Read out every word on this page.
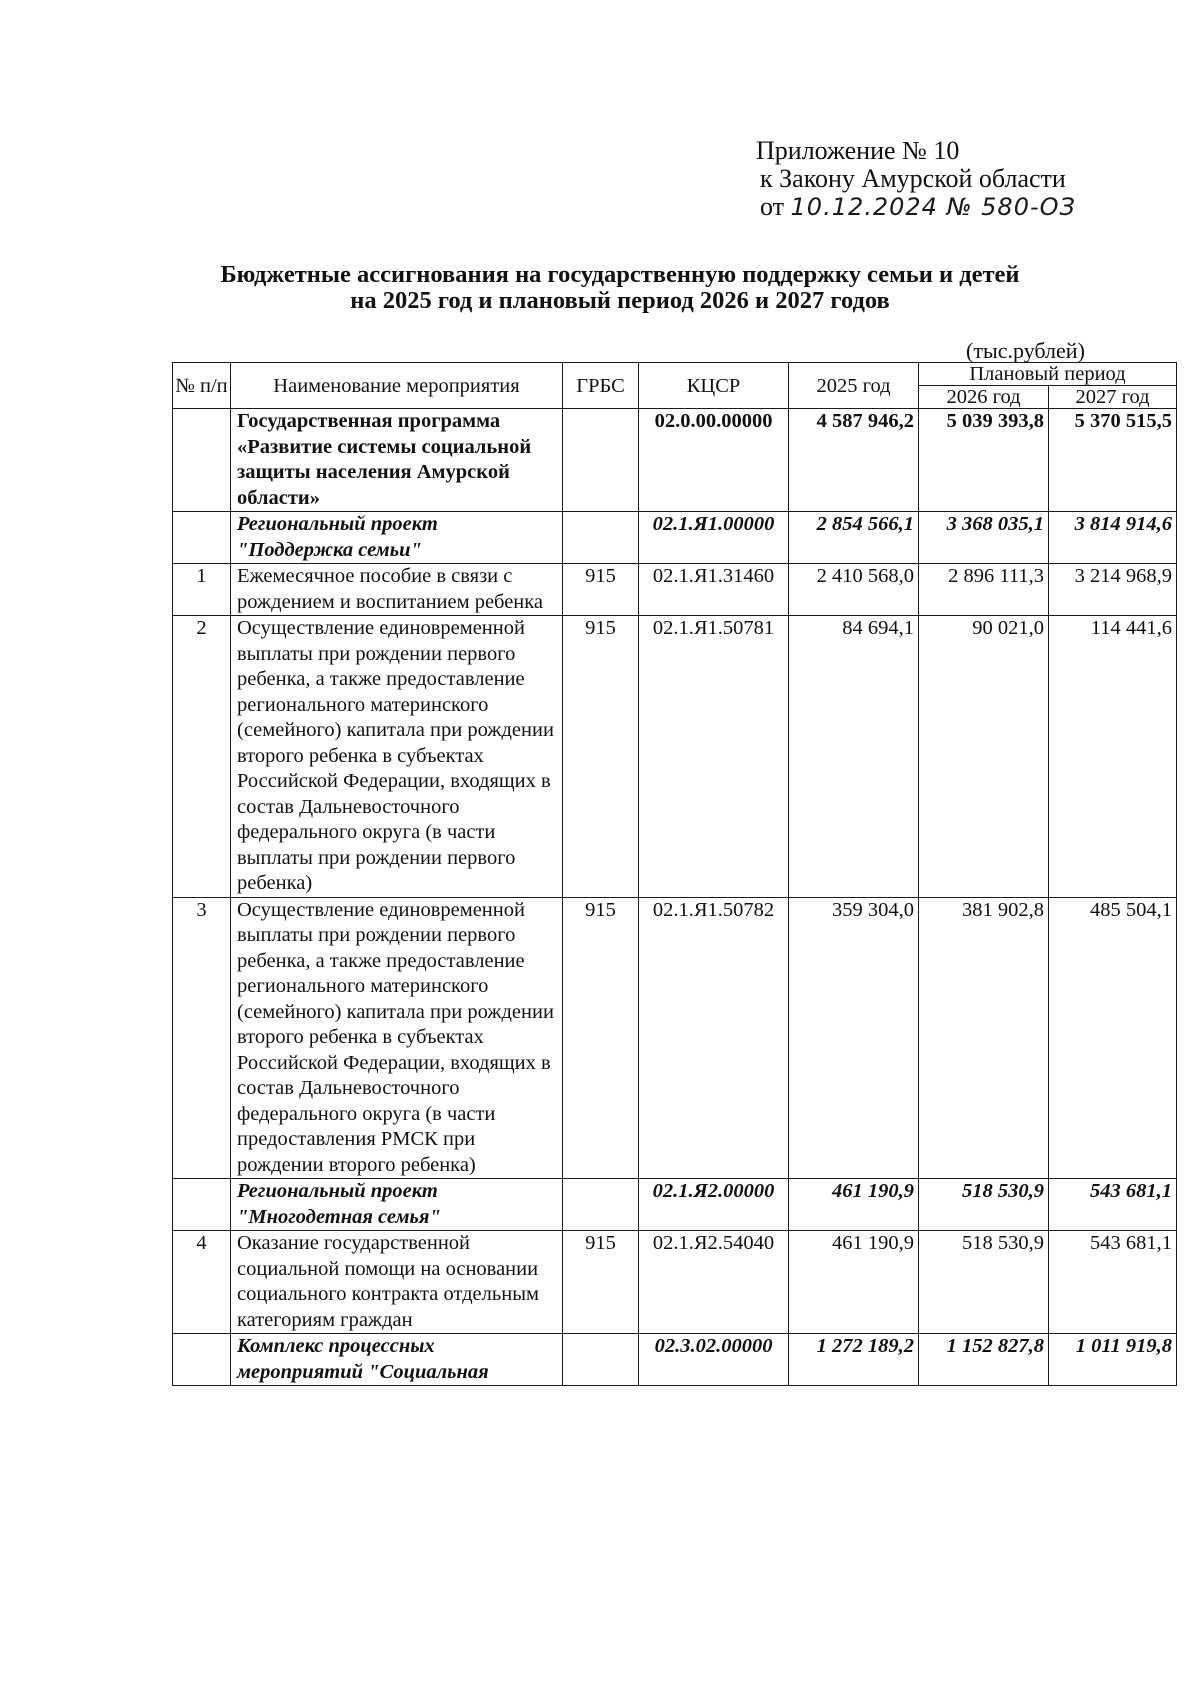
Приложение № 10
к Закону Амурской области
от 10.12.2024 № 580-ОЗ
Бюджетные ассигнования на государственную поддержку семьи и детей
на 2025 год и плановый период 2026 и 2027 годов
(тыс.рублей)
№ п/п	Наименование мероприятия	ГРБС	КЦСР	2025 год	Плановый период	
					2026 год	2027 год
	Государственная программа «Развитие системы социальной защиты населения Амурской области»		02.0.00.00000	4 587 946,2	5 039 393,8	5 370 515,5
	Региональный проект "Поддержка семьи"		02.1.Я1.00000	2 854 566,1	3 368 035,1	3 814 914,6
1	Ежемесячное пособие в связи с рождением и воспитанием ребенка	915	02.1.Я1.31460	2 410 568,0	2 896 111,3	3 214 968,9
2	Осуществление единовременной выплаты при рождении первого ребенка, а также предоставление регионального материнского (семейного) капитала при рождении второго ребенка в субъектах Российской Федерации, входящих в состав Дальневосточного федерального округа (в части выплаты при рождении первого ребенка)	915	02.1.Я1.50781	84 694,1	90 021,0	114 441,6
3	Осуществление единовременной выплаты при рождении первого ребенка, а также предоставление регионального материнского (семейного) капитала при рождении второго ребенка в субъектах Российской Федерации, входящих в состав Дальневосточного федерального округа (в части предоставления РМСК при рождении второго ребенка)	915	02.1.Я1.50782	359 304,0	381 902,8	485 504,1
	Региональный проект "Многодетная семья"		02.1.Я2.00000	461 190,9	518 530,9	543 681,1
4	Оказание государственной социальной помощи на основании социального контракта отдельным категориям граждан	915	02.1.Я2.54040	461 190,9	518 530,9	543 681,1
	Комплекс процессных мероприятий "Социальная		02.3.02.00000	1 272 189,2	1 152 827,8	1 011 919,8
